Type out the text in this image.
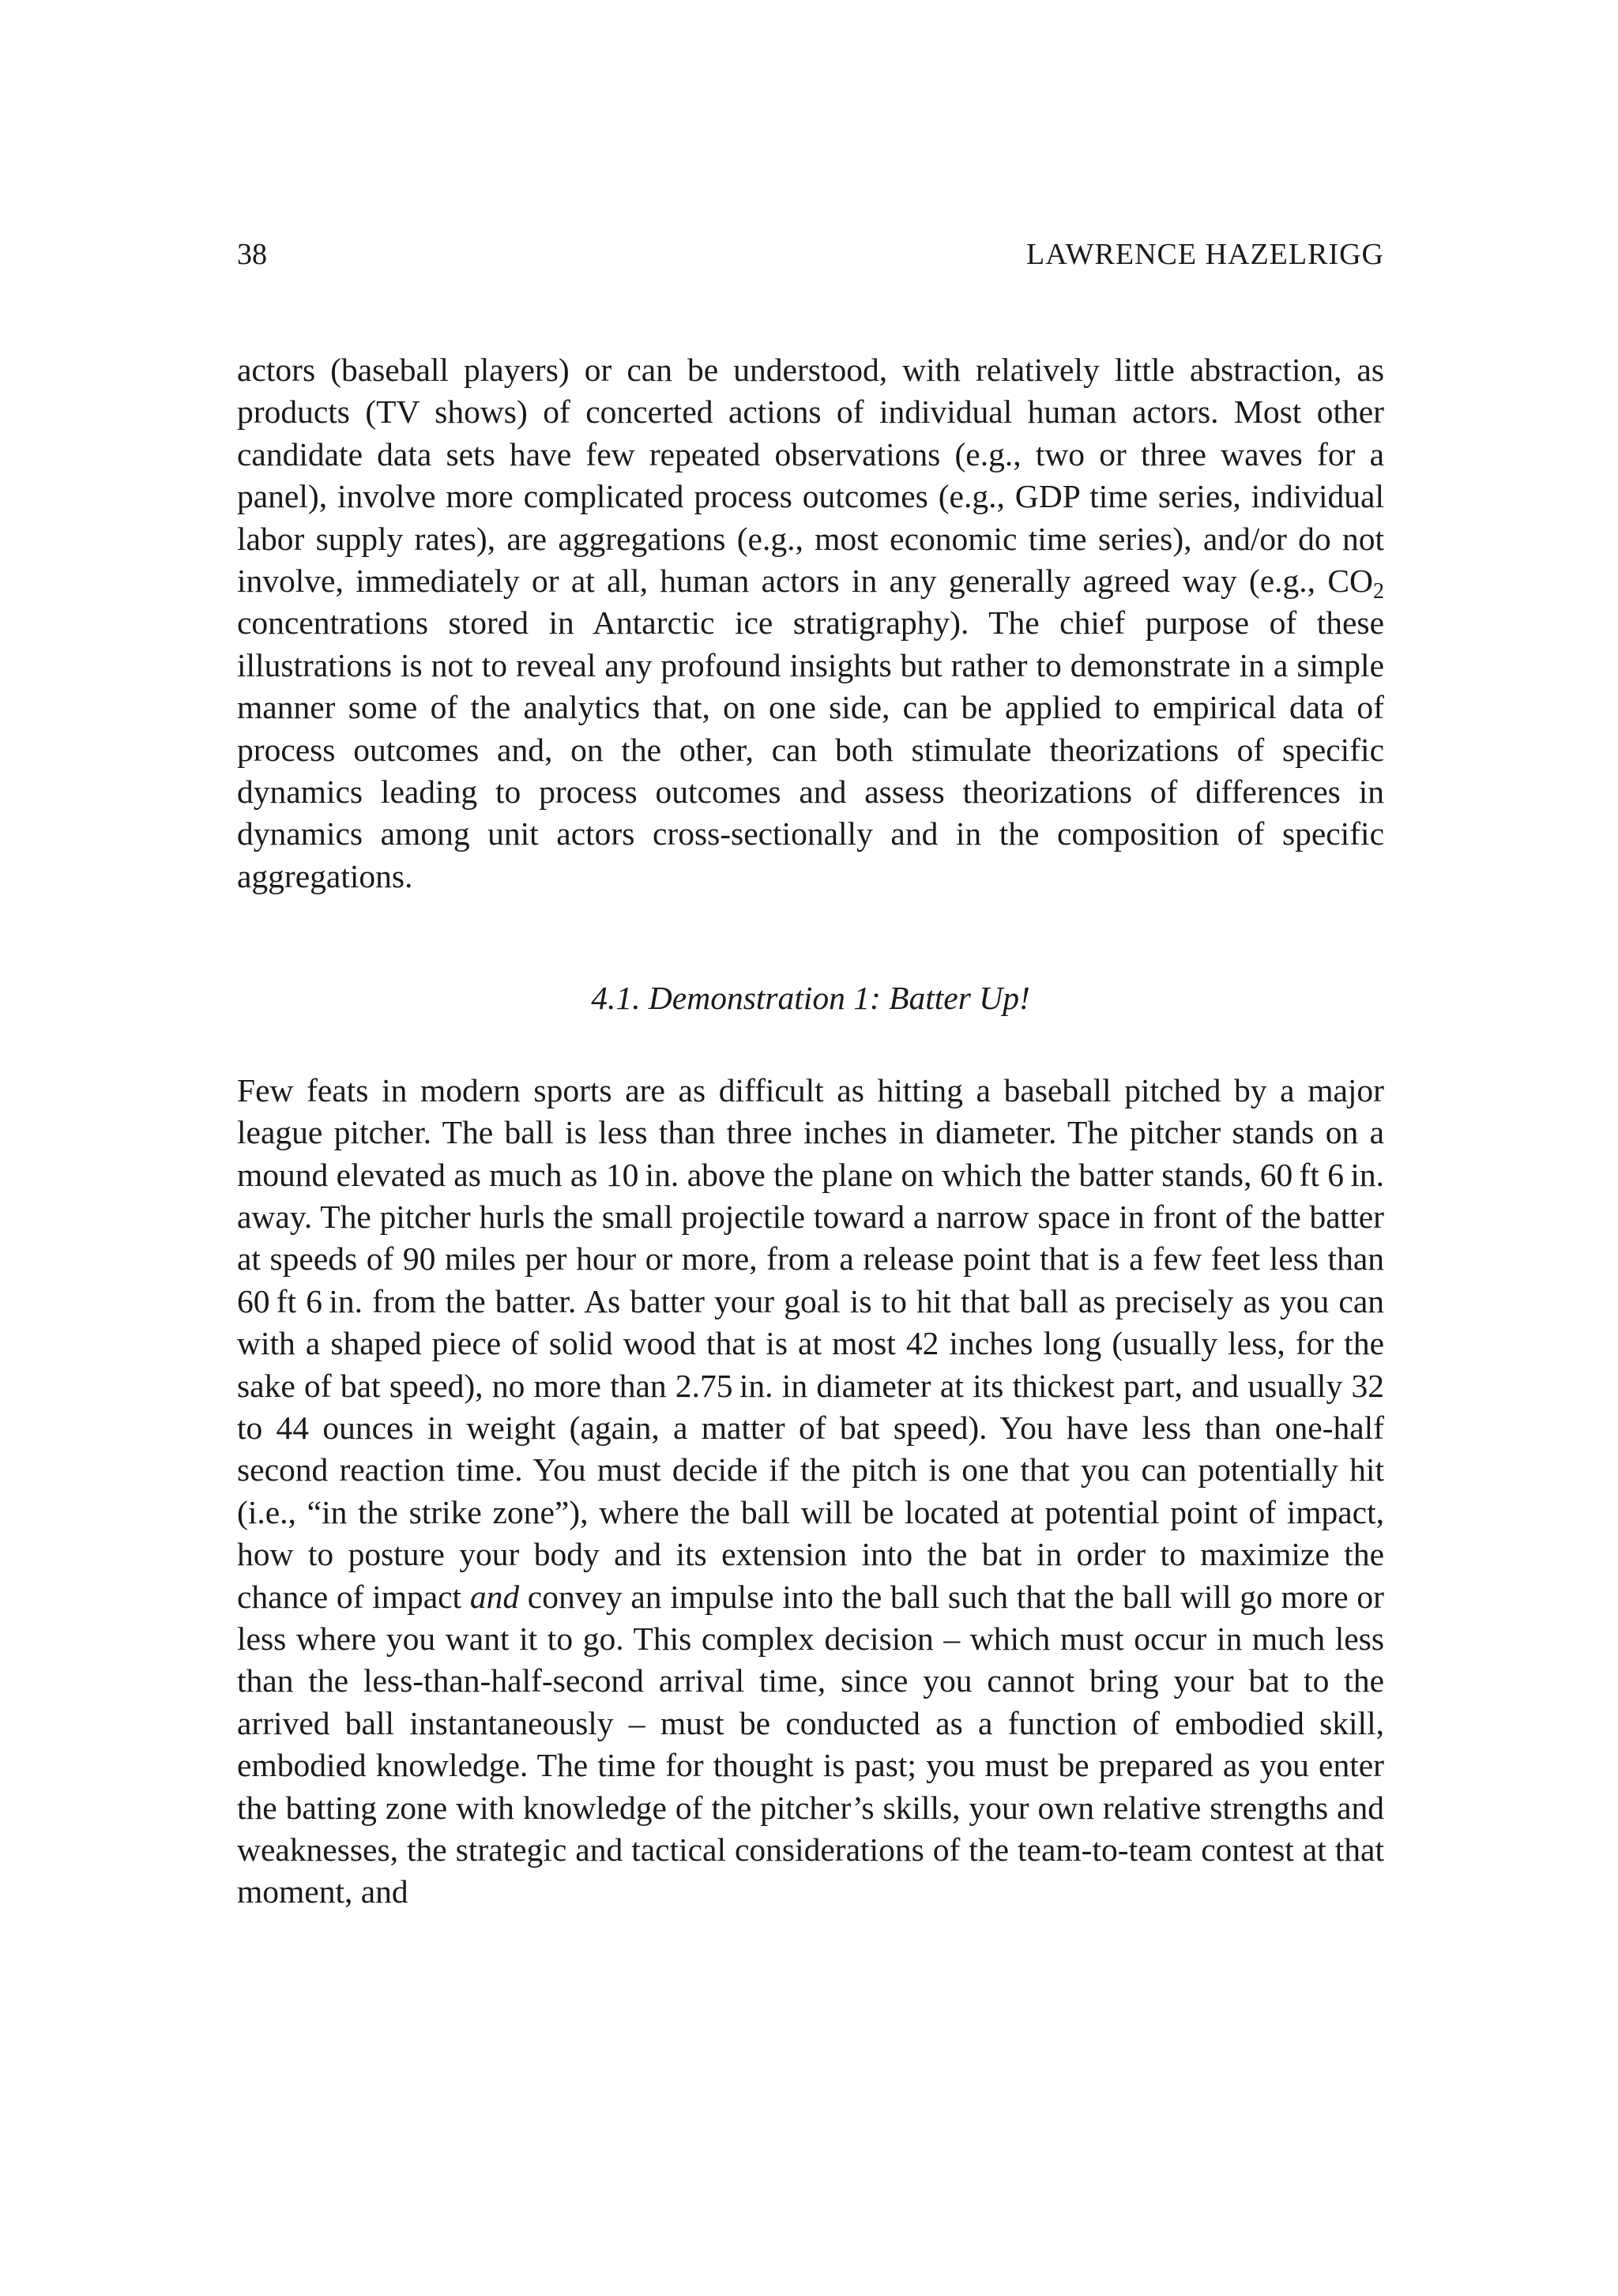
38	LAWRENCE HAZELRIGG

actors (baseball players) or can be understood, with relatively little abstraction, as products (TV shows) of concerted actions of individual human actors. Most other candidate data sets have few repeated observations (e.g., two or three waves for a panel), involve more complicated process outcomes (e.g., GDP time series, individual labor supply rates), are aggregations (e.g., most economic time series), and/or do not involve, immediately or at all, human actors in any generally agreed way (e.g., $CO_2$ concentrations stored in Antarctic ice stratigraphy). The chief purpose of these illustrations is not to reveal any profound insights but rather to demonstrate in a simple manner some of the analytics that, on one side, can be applied to empirical data of process outcomes and, on the other, can both stimulate theorizations of specific dynamics leading to process outcomes and assess theorizations of differences in dynamics among unit actors cross-sectionally and in the composition of specific aggregations.

4.1. Demonstration 1: Batter Up!

Few feats in modern sports are as difficult as hitting a baseball pitched by a major league pitcher. The ball is less than three inches in diameter. The pitcher stands on a mound elevated as much as 10 in. above the plane on which the batter stands, 60 ft 6 in. away. The pitcher hurls the small projectile toward a narrow space in front of the batter at speeds of 90 miles per hour or more, from a release point that is a few feet less than 60 ft 6 in. from the batter. As batter your goal is to hit that ball as precisely as you can with a shaped piece of solid wood that is at most 42 inches long (usually less, for the sake of bat speed), no more than 2.75 in. in diameter at its thickest part, and usually 32 to 44 ounces in weight (again, a matter of bat speed). You have less than one-half second reaction time. You must decide if the pitch is one that you can potentially hit (i.e., “in the strike zone”), where the ball will be located at potential point of impact, how to posture your body and its extension into the bat in order to maximize the chance of impact and convey an impulse into the ball such that the ball will go more or less where you want it to go. This complex decision – which must occur in much less than the less-than-half-second arrival time, since you cannot bring your bat to the arrived ball instantaneously – must be conducted as a function of embodied skill, embodied knowledge. The time for thought is past; you must be prepared as you enter the batting zone with knowledge of the pitcher’s skills, your own relative strengths and weaknesses, the strategic and tactical considerations of the team-to-team contest at that moment, and
